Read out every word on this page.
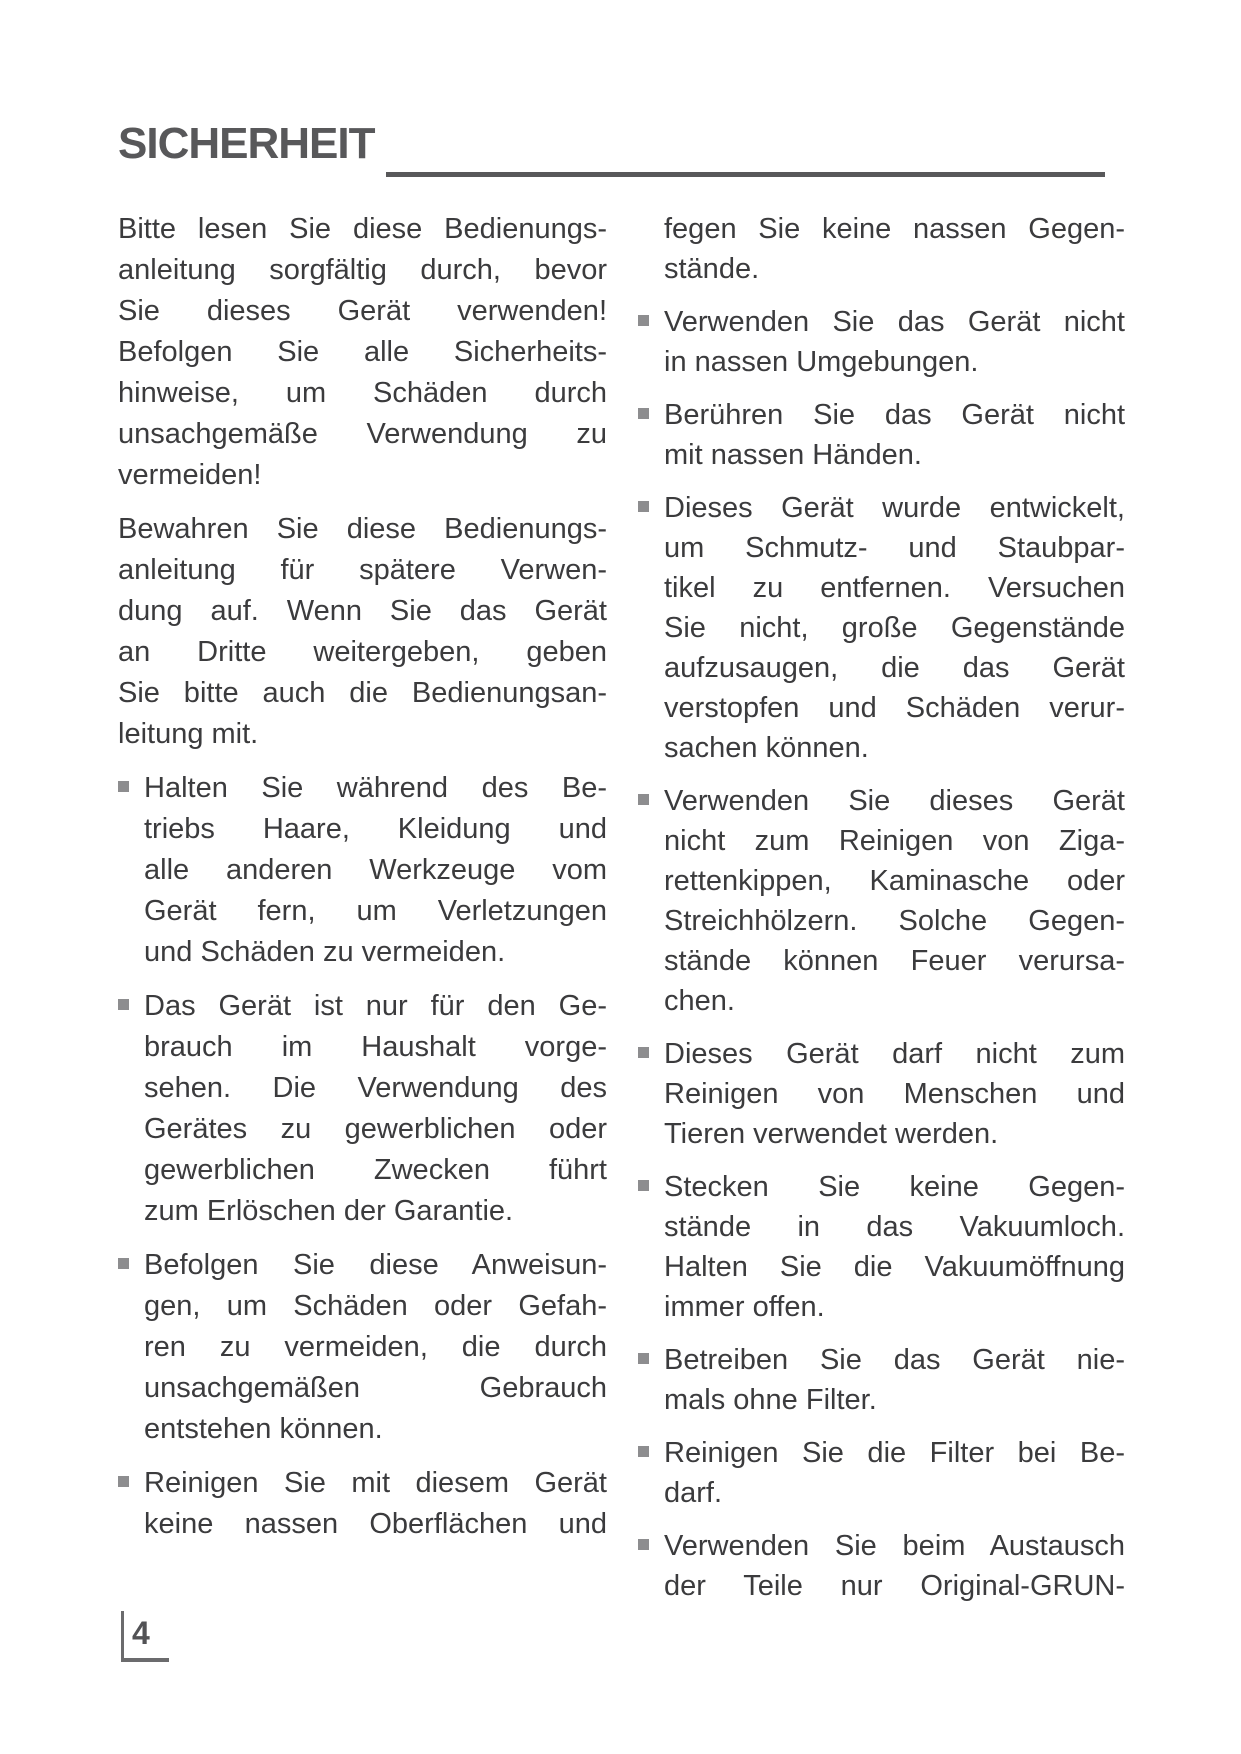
SICHERHEIT
Bitte lesen Sie diese Bedienungs-
anleitung sorgfältig durch, bevor
Sie dieses Gerät verwenden!
Befolgen Sie alle Sicherheits-
hinweise, um Schäden durch
unsachgemäße Verwendung zu
vermeiden!
Bewahren Sie diese Bedienungs-
anleitung für spätere Verwen-
dung auf. Wenn Sie das Gerät
an Dritte weitergeben, geben
Sie bitte auch die Bedienungsan-
leitung mit.
Halten Sie während des Be-
triebs Haare, Kleidung und
alle anderen Werkzeuge vom
Gerät fern, um Verletzungen
und Schäden zu vermeiden.
Das Gerät ist nur für den Ge-
brauch im Haushalt vorge-
sehen. Die Verwendung des
Gerätes zu gewerblichen oder
gewerblichen Zwecken führt
zum Erlöschen der Garantie.
Befolgen Sie diese Anweisun-
gen, um Schäden oder Gefah-
ren zu vermeiden, die durch
unsachgemäßen Gebrauch
entstehen können.
Reinigen Sie mit diesem Gerät
keine nassen Oberflächen und
fegen Sie keine nassen Gegen-
stände.
Verwenden Sie das Gerät nicht
in nassen Umgebungen.
Berühren Sie das Gerät nicht
mit nassen Händen.
Dieses Gerät wurde entwickelt,
um Schmutz- und Staubpar-
tikel zu entfernen. Versuchen
Sie nicht, große Gegenstände
aufzusaugen, die das Gerät
verstopfen und Schäden verur-
sachen können.
Verwenden Sie dieses Gerät
nicht zum Reinigen von Ziga-
rettenkippen, Kaminasche oder
Streichhölzern. Solche Gegen-
stände können Feuer verursa-
chen.
Dieses Gerät darf nicht zum
Reinigen von Menschen und
Tieren verwendet werden.
Stecken Sie keine Gegen-
stände in das Vakuumloch.
Halten Sie die Vakuumöffnung
immer offen.
Betreiben Sie das Gerät nie-
mals ohne Filter.
Reinigen Sie die Filter bei Be-
darf.
Verwenden Sie beim Austausch
der Teile nur Original-GRUN-
4
